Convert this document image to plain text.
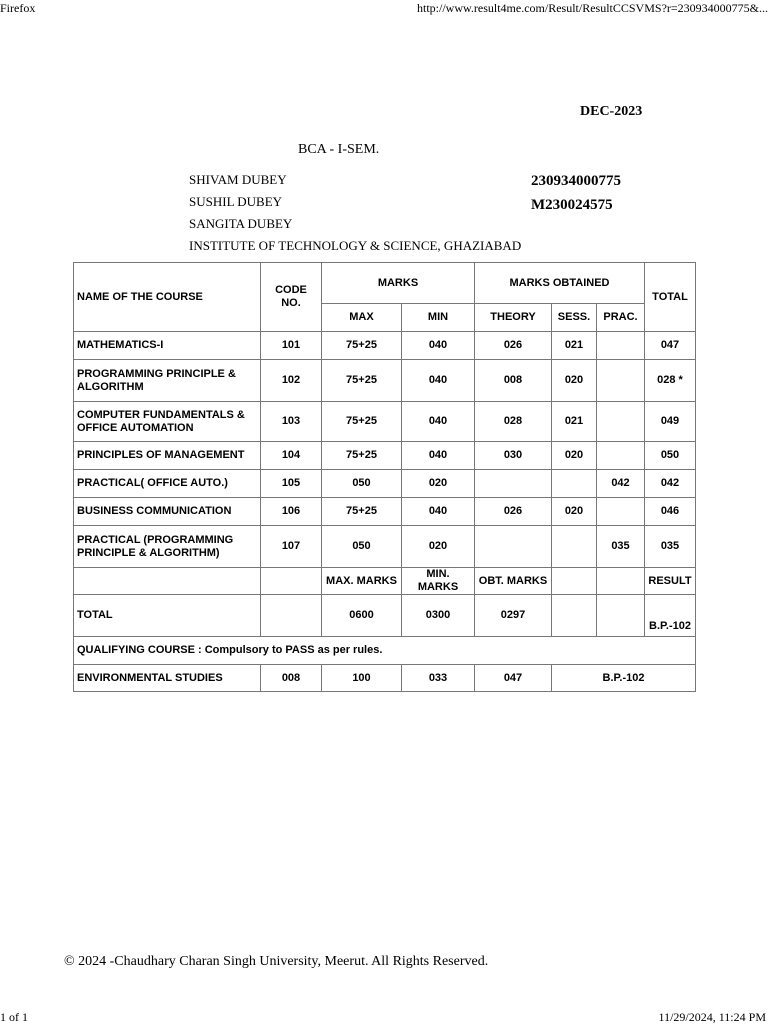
Firefox	http://www.result4me.com/Result/ResultCCSVMS?r=230934000775&...
DEC-2023
BCA - I-SEM.
SHIVAM DUBEY
SUSHIL DUBEY
SANGITA DUBEY
INSTITUTE OF TECHNOLOGY & SCIENCE, GHAZIABAD
230934000775
M230024575
NAME OF THE COURSE	CODE NO.	MARKS		MARKS OBTAINED			TOTAL
		MAX	MIN	THEORY	SESS.	PRAC.	
MATHEMATICS-I	101	75+25	040	026	021		047
PROGRAMMING PRINCIPLE & ALGORITHM	102	75+25	040	008	020		028 *
COMPUTER FUNDAMENTALS & OFFICE AUTOMATION	103	75+25	040	028	021		049
PRINCIPLES OF MANAGEMENT	104	75+25	040	030	020		050
PRACTICAL( OFFICE AUTO.)	105	050	020			042	042
BUSINESS COMMUNICATION	106	75+25	040	026	020		046
PRACTICAL (PROGRAMMING PRINCIPLE & ALGORITHM)	107	050	020			035	035
		MAX. MARKS	MIN. MARKS	OBT. MARKS			RESULT
TOTAL		0600	0300	0297			B.P.-102
QUALIFYING COURSE : Compulsory to PASS as per rules.							
ENVIRONMENTAL STUDIES	008	100	033	047	B.P.-102		
© 2024 -Chaudhary Charan Singh University, Meerut. All Rights Reserved.
1 of 1	11/29/2024, 11:24 PM
